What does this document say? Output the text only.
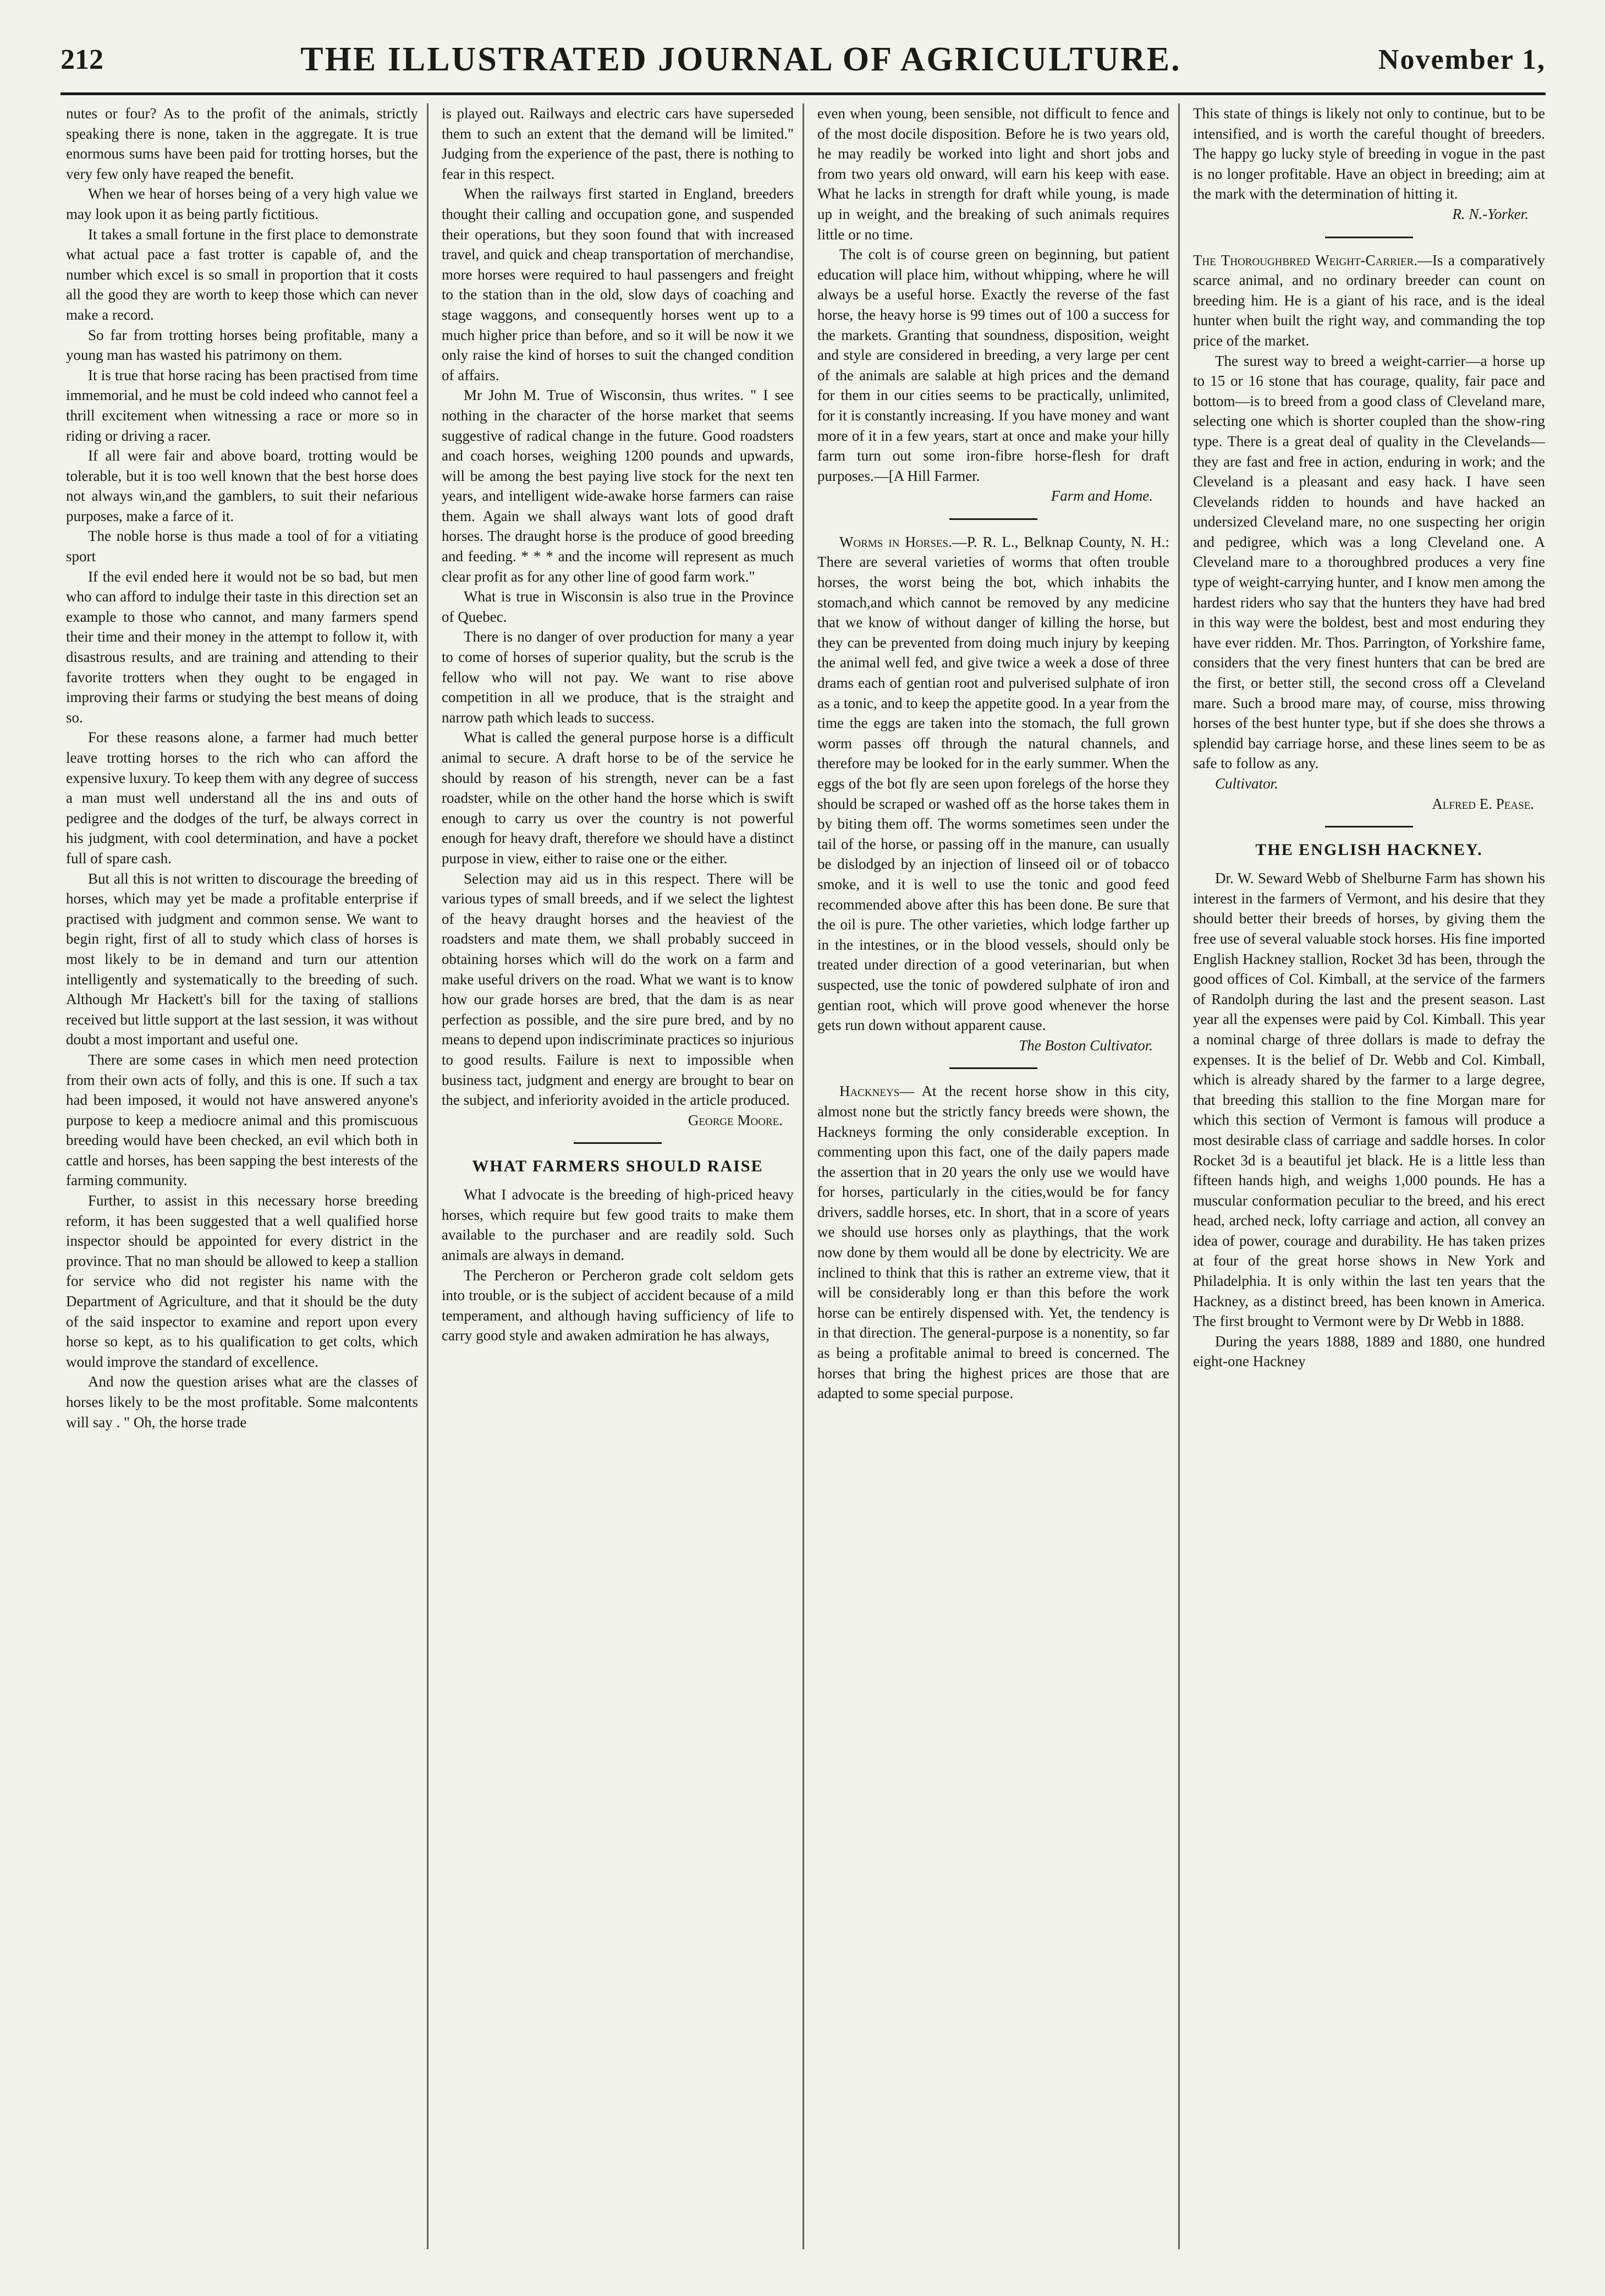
212	THE ILLUSTRATED JOURNAL OF AGRICULTURE.	November 1,

nutes or four? As to the profit of the animals, strictly speaking there is none, taken in the aggregate. It is true enormous sums have been paid for trotting horses, but the very few only have reaped the benefit.

When we hear of horses being of a very high value we may look upon it as being partly fictitious.

It takes a small fortune in the first place to demonstrate what actual pace a fast trotter is capable of, and the number which excel is so small in proportion that it costs all the good they are worth to keep those which can never make a record.

So far from trotting horses being profitable, many a young man has wasted his patrimony on them.

It is true that horse racing has been practised from time immemorial, and he must be cold indeed who cannot feel a thrill excitement when witnessing a race or more so in riding or driving a racer.

If all were fair and above board, trotting would be tolerable, but it is too well known that the best horse does not always win,and the gamblers, to suit their nefarious purposes, make a farce of it.

The noble horse is thus made a tool of for a vitiating sport

If the evil ended here it would not be so bad, but men who can afford to indulge their taste in this direction set an example to those who cannot, and many farmers spend their time and their money in the attempt to follow it, with disastrous results, and are training and attending to their favorite trotters when they ought to be engaged in improving their farms or studying the best means of doing so.

For these reasons alone, a farmer had much better leave trotting horses to the rich who can afford the expensive luxury. To keep them with any degree of success a man must well understand all the ins and outs of pedigree and the dodges of the turf, be always correct in his judgment, with cool determination, and have a pocket full of spare cash.

But all this is not written to discourage the breeding of horses, which may yet be made a profitable enterprise if practised with judgment and common sense. We want to begin right, first of all to study which class of horses is most likely to be in demand and turn our attention intelligently and systematically to the breeding of such. Although Mr Hackett's bill for the taxing of stallions received but little support at the last session, it was without doubt a most important and useful one.

There are some cases in which men need protection from their own acts of folly, and this is one. If such a tax had been imposed, it would not have answered anyone's purpose to keep a mediocre animal and this promiscuous breeding would have been checked, an evil which both in cattle and horses, has been sapping the best interests of the farming community.

Further, to assist in this necessary horse breeding reform, it has been suggested that a well qualified horse inspector should be appointed for every district in the province. That no man should be allowed to keep a stallion for service who did not register his name with the Department of Agriculture, and that it should be the duty of the said inspector to examine and report upon every horse so kept, as to his qualification to get colts, which would improve the standard of excellence.

And now the question arises what are the classes of horses likely to be the most profitable. Some malcontents will say . " Oh, the horse trade

is played out. Railways and electric cars have superseded them to such an extent that the demand will be limited." Judging from the experience of the past, there is nothing to fear in this respect.

When the railways first started in England, breeders thought their calling and occupation gone, and suspended their operations, but they soon found that with increased travel, and quick and cheap transportation of merchandise, more horses were required to haul passengers and freight to the station than in the old, slow days of coaching and stage waggons, and consequently horses went up to a much higher price than before, and so it will be now it we only raise the kind of horses to suit the changed condition of affairs.

Mr John M. True of Wisconsin, thus writes. " I see nothing in the character of the horse market that seems suggestive of radical change in the future. Good roadsters and coach horses, weighing 1200 pounds and upwards, will be among the best paying live stock for the next ten years, and intelligent wide-awake horse farmers can raise them. Again we shall always want lots of good draft horses. The draught horse is the produce of good breeding and feeding. * * * and the income will represent as much clear profit as for any other line of good farm work."

What is true in Wisconsin is also true in the Province of Quebec.

There is no danger of over production for many a year to come of horses of superior quality, but the scrub is the fellow who will not pay. We want to rise above competition in all we produce, that is the straight and narrow path which leads to success.

What is called the general purpose horse is a difficult animal to secure. A draft horse to be of the service he should by reason of his strength, never can be a fast roadster, while on the other hand the horse which is swift enough to carry us over the country is not powerful enough for heavy draft, therefore we should have a distinct purpose in view, either to raise one or the either.

Selection may aid us in this respect. There will be various types of small breeds, and if we select the lightest of the heavy draught horses and the heaviest of the roadsters and mate them, we shall probably succeed in obtaining horses which will do the work on a farm and make useful drivers on the road. What we want is to know how our grade horses are bred, that the dam is as near perfection as possible, and the sire pure bred, and by no means to depend upon indiscriminate practices so injurious to good results. Failure is next to impossible when business tact, judgment and energy are brought to bear on the subject, and inferiority avoided in the article produced.

George Moore.

WHAT FARMERS SHOULD RAISE

What I advocate is the breeding of high-priced heavy horses, which require but few good traits to make them available to the purchaser and are readily sold. Such animals are always in demand.

The Percheron or Percheron grade colt seldom gets into trouble, or is the subject of accident because of a mild temperament, and although having sufficiency of life to carry good style and awaken admiration he has always,

even when young, been sensible, not difficult to fence and of the most docile disposition. Before he is two years old, he may readily be worked into light and short jobs and from two years old onward, will earn his keep with ease. What he lacks in strength for draft while young, is made up in weight, and the breaking of such animals requires little or no time.

The colt is of course green on beginning, but patient education will place him, without whipping, where he will always be a useful horse. Exactly the reverse of the fast horse, the heavy horse is 99 times out of 100 a success for the markets. Granting that soundness, disposition, weight and style are considered in breeding, a very large per cent of the animals are salable at high prices and the demand for them in our cities seems to be practically, unlimited, for it is constantly increasing. If you have money and want more of it in a few years, start at once and make your hilly farm turn out some iron-fibre horse-flesh for draft purposes.—[A Hill Farmer.

Farm and Home.

Worms in Horses.—P. R. L., Belknap County, N. H.: There are several varieties of worms that often trouble horses, the worst being the bot, which inhabits the stomach,and which cannot be removed by any medicine that we know of without danger of killing the horse, but they can be prevented from doing much injury by keeping the animal well fed, and give twice a week a dose of three drams each of gentian root and pulverised sulphate of iron as a tonic, and to keep the appetite good. In a year from the time the eggs are taken into the stomach, the full grown worm passes off through the natural channels, and therefore may be looked for in the early summer. When the eggs of the bot fly are seen upon forelegs of the horse they should be scraped or washed off as the horse takes them in by biting them off. The worms sometimes seen under the tail of the horse, or passing off in the manure, can usually be dislodged by an injection of linseed oil or of tobacco smoke, and it is well to use the tonic and good feed recommended above after this has been done. Be sure that the oil is pure. The other varieties, which lodge farther up in the intestines, or in the blood vessels, should only be treated under direction of a good veterinarian, but when suspected, use the tonic of powdered sulphate of iron and gentian root, which will prove good whenever the horse gets run down without apparent cause.

The Boston Cultivator.

Hackneys— At the recent horse show in this city, almost none but the strictly fancy breeds were shown, the Hackneys forming the only considerable exception. In commenting upon this fact, one of the daily papers made the assertion that in 20 years the only use we would have for horses, particularly in the cities,would be for fancy drivers, saddle horses, etc. In short, that in a score of years we should use horses only as playthings, that the work now done by them would all be done by electricity. We are inclined to think that this is rather an extreme view, that it will be considerably long er than this before the work horse can be entirely dispensed with. Yet, the tendency is in that direction. The general-purpose is a nonentity, so far as being a profitable animal to breed is concerned. The horses that bring the highest prices are those that are adapted to some special purpose.

This state of things is likely not only to continue, but to be intensified, and is worth the careful thought of breeders. The happy go lucky style of breeding in vogue in the past is no longer profitable. Have an object in breeding; aim at the mark with the determination of hitting it.

R. N.-Yorker.

The Thoroughbred Weight-Carrier.—Is a comparatively scarce animal, and no ordinary breeder can count on breeding him. He is a giant of his race, and is the ideal hunter when built the right way, and commanding the top price of the market.

The surest way to breed a weight-carrier—a horse up to 15 or 16 stone that has courage, quality, fair pace and bottom—is to breed from a good class of Cleveland mare, selecting one which is shorter coupled than the show-ring type. There is a great deal of quality in the Clevelands—they are fast and free in action, enduring in work; and the Cleveland is a pleasant and easy hack. I have seen Clevelands ridden to hounds and have hacked an undersized Cleveland mare, no one suspecting her origin and pedigree, which was a long Cleveland one. A Cleveland mare to a thoroughbred produces a very fine type of weight-carrying hunter, and I know men among the hardest riders who say that the hunters they have had bred in this way were the boldest, best and most enduring they have ever ridden. Mr. Thos. Parrington, of Yorkshire fame, considers that the very finest hunters that can be bred are the first, or better still, the second cross off a Cleveland mare. Such a brood mare may, of course, miss throwing horses of the best hunter type, but if she does she throws a splendid bay carriage horse, and these lines seem to be as safe to follow as any.

Cultivator.

Alfred E. Pease.

THE ENGLISH HACKNEY.

Dr. W. Seward Webb of Shelburne Farm has shown his interest in the farmers of Vermont, and his desire that they should better their breeds of horses, by giving them the free use of several valuable stock horses. His fine imported English Hackney stallion, Rocket 3d has been, through the good offices of Col. Kimball, at the service of the farmers of Randolph during the last and the present season. Last year all the expenses were paid by Col. Kimball. This year a nominal charge of three dollars is made to defray the expenses. It is the belief of Dr. Webb and Col. Kimball, which is already shared by the farmer to a large degree, that breeding this stallion to the fine Morgan mare for which this section of Vermont is famous will produce a most desirable class of carriage and saddle horses. In color Rocket 3d is a beautiful jet black. He is a little less than fifteen hands high, and weighs 1,000 pounds. He has a muscular conformation peculiar to the breed, and his erect head, arched neck, lofty carriage and action, all convey an idea of power, courage and durability. He has taken prizes at four of the great horse shows in New York and Philadelphia. It is only within the last ten years that the Hackney, as a distinct breed, has been known in America. The first brought to Vermont were by Dr Webb in 1888.

During the years 1888, 1889 and 1880, one hundred eight-one Hackney
